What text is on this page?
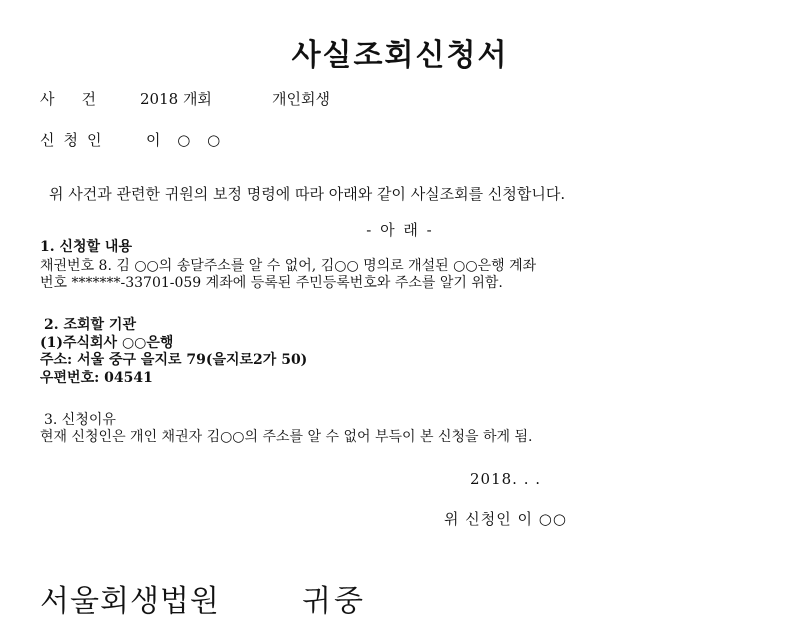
사실조회신청서
사건 2018 개회	개인회생
신청인 이 ○ ○
위 사건과 관련한 귀원의 보정 명령에 따라 아래와 같이 사실조회를 신청합니다.
- 아 래 -
1. 신청할 내용
채권번호 8. 김 ○○의 송달주소를 알 수 없어, 김○○ 명의로 개설된 ○○은행 계좌
번호 *******-33701-059 계좌에 등록된 주민등록번호와 주소를 알기 위함.
2. 조회할 기관
(1)주식회사 ○○은행
주소: 서울 중구 을지로 79(을지로2가 50)
우편번호: 04541
3. 신청이유
현재 신청인은 개인 채권자 김○○의 주소를 알 수 없어 부득이 본 신청을 하게 됨.
2018. . .
위 신청인 이 ○○
서울회생법원	귀중
